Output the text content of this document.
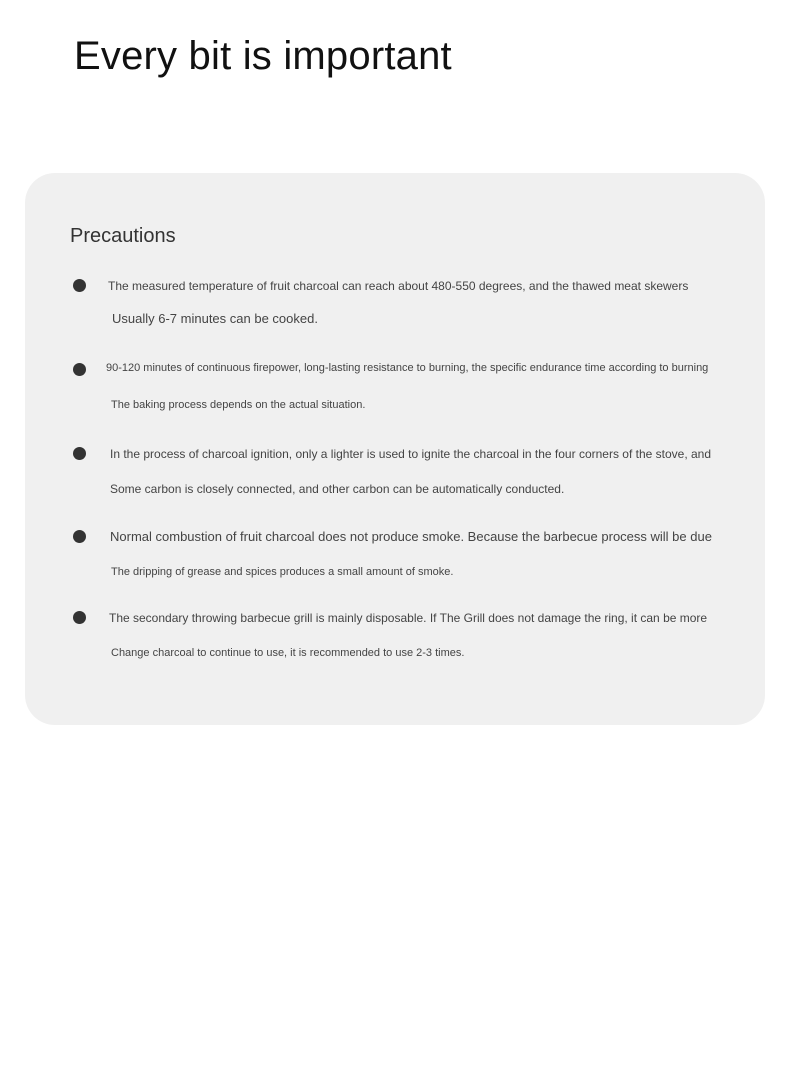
Every bit is important
Precautions
The measured temperature of fruit charcoal can reach about 480-550 degrees, and the thawed meat skewers
Usually 6-7 minutes can be cooked.
90-120 minutes of continuous firepower, long-lasting resistance to burning, the specific endurance time according to burning
The baking process depends on the actual situation.
In the process of charcoal ignition, only a lighter is used to ignite the charcoal in the four corners of the stove, and
Some carbon is closely connected, and other carbon can be automatically conducted.
Normal combustion of fruit charcoal does not produce smoke. Because the barbecue process will be due
The dripping of grease and spices produces a small amount of smoke.
The secondary throwing barbecue grill is mainly disposable. If The Grill does not damage the ring, it can be more
Change charcoal to continue to use, it is recommended to use 2-3 times.
